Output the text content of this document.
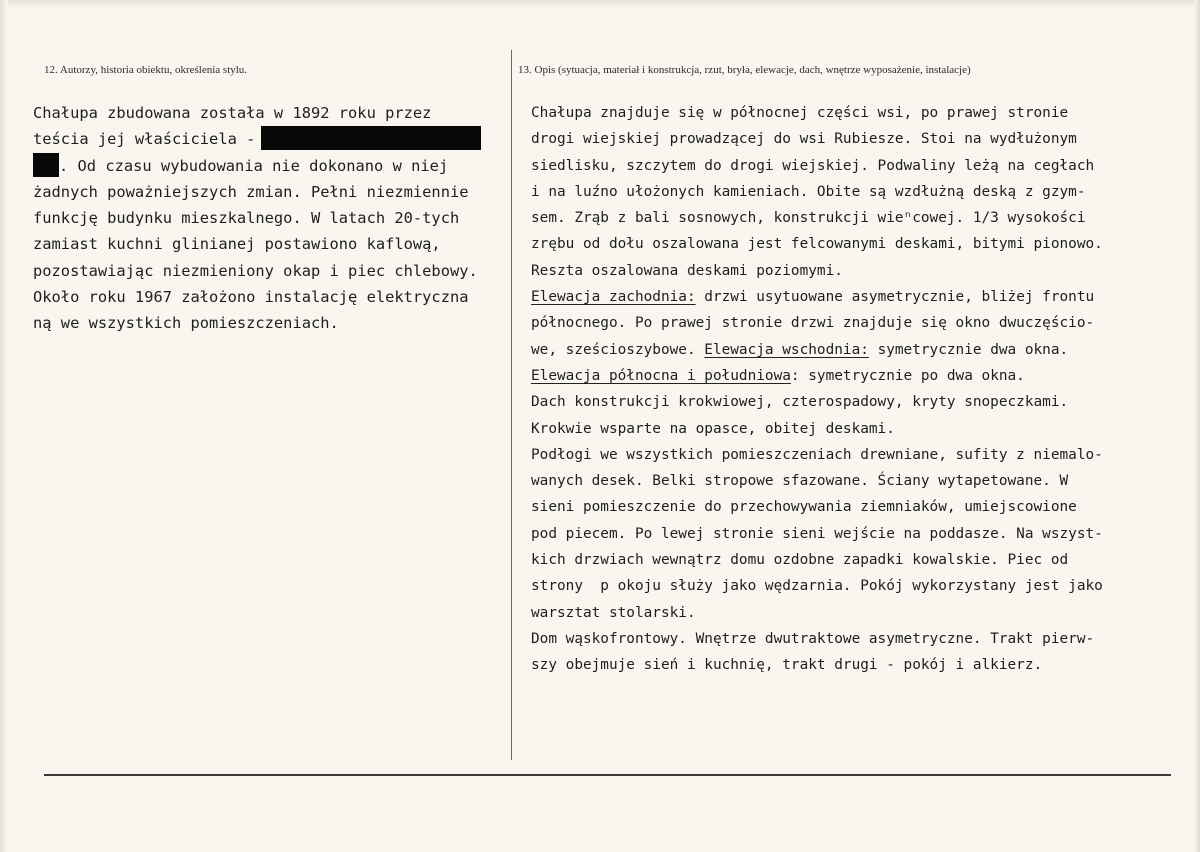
12. Autorzy, historia obiektu, określenia stylu.	13. Opis (sytuacja, materiał i konstrukcja, rzut, bryła, elewacje, dach, wnętrze wyposażenie, instalacje)
Chałupa zbudowana została w 1892 roku przez
teścia jej właściciela -
. Od czasu wybudowania nie dokonano w niej
żadnych poważniejszych zmian. Pełni niezmiennie
funkcję budynku mieszkalnego. W latach 20-tych
zamiast kuchni glinianej postawiono kaflową,
pozostawiając niezmieniony okap i piec chlebowy.
Około roku 1967 założono instalację elektryczna
ną we wszystkich pomieszczeniach.
Chałupa znajduje się w północnej części wsi, po prawej stronie
drogi wiejskiej prowadzącej do wsi Rubiesze. Stoi na wydłużonym
siedlisku, szczytem do drogi wiejskiej. Podwaliny leżą na cegłach
i na luźno ułożonych kamieniach. Obite są wzdłużną deską z gzym-
sem. Zrąb z bali sosnowych, konstrukcji wieⁿcowej. 1/3 wysokości
zrębu od dołu oszalowana jest felcowanymi deskami, bitymi pionowo.
Reszta oszalowana deskami poziomymi.
Elewacja zachodnia: drzwi usytuowane asymetrycznie, bliżej frontu
północnego. Po prawej stronie drzwi znajduje się okno dwuczęścio-
we, sześcioszybowe. Elewacja wschodnia: symetrycznie dwa okna.
Elewacja północna i południowa: symetrycznie po dwa okna.
Dach konstrukcji krokwiowej, czterospadowy, kryty snopeczkami.
Krokwie wsparte na opasce, obitej deskami.
Podłogi we wszystkich pomieszczeniach drewniane, sufity z niemalo-
wanych desek. Belki stropowe sfazowane. Ściany wytapetowane. W
sieni pomieszczenie do przechowywania ziemniaków, umiejscowione
pod piecem. Po lewej stronie sieni wejście na poddasze. Na wszyst-
kich drzwiach wewnątrz domu ozdobne zapadki kowalskie. Piec od
strony  p okoju służy jako wędzarnia. Pokój wykorzystany jest jako
warsztat stolarski.
Dom wąskofrontowy. Wnętrze dwutraktowe asymetryczne. Trakt pierw-
szy obejmuje sień i kuchnię, trakt drugi - pokój i alkierz.
